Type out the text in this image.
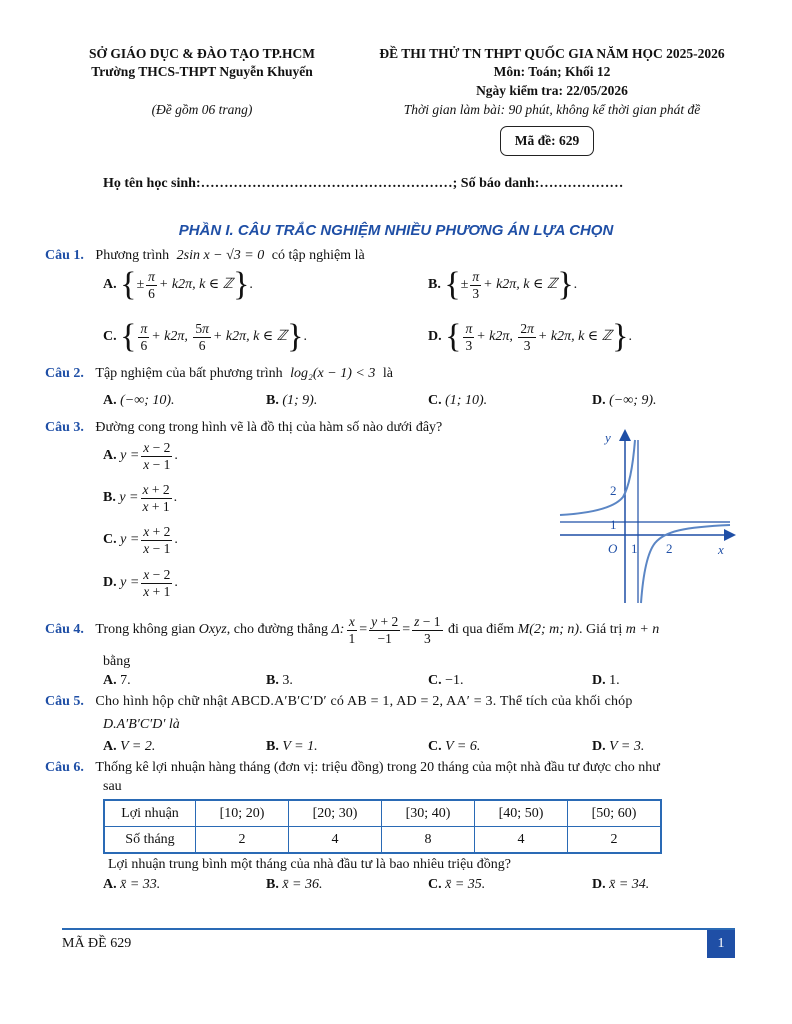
SỞ GIÁO DỤC & ĐÀO TẠO TP.HCM
Trường THCS-THPT Nguyễn Khuyến
(Đề gồm 06 trang)
ĐỀ THI THỬ TN THPT QUỐC GIA NĂM HỌC 2025-2026
Môn: Toán; Khối 12
Ngày kiểm tra: 22/05/2026
Thời gian làm bài: 90 phút, không kể thời gian phát đề
Mã đề: 629
Họ tên học sinh:………………………………………………; Số báo danh:………………
PHẦN I. CÂU TRẮC NGHIỆM NHIỀU PHƯƠNG ÁN LỰA CHỌN
Câu 1. Phương trình 2sin x − √3 = 0 có tập nghiệm là
A. {± $\frac{\pi}{6} + k2\pi$, k ∈ ℤ}.	B. {± $\frac{\pi}{3} + k2\pi$, k ∈ ℤ}.
C. { $\frac{\pi}{6} + k2\pi$, $\frac{5\pi}{6} + k2\pi$, k ∈ ℤ}.	D. { $\frac{\pi}{3} + k2\pi$, $\frac{2\pi}{3} + k2\pi$, k ∈ ℤ}.
Câu 2. Tập nghiệm của bất phương trình log₂(x − 1) < 3 là
A. (−∞; 10).	B. (1; 9).	C. (1; 10).	D. (−∞; 9).
Câu 3. Đường cong trong hình vẽ là đồ thị của hàm số nào dưới đây?
A. $y = \frac{x - 2}{x - 1}$ .
B. $y = \frac{x + 2}{x + 1}$ .
C. $y = \frac{x + 2}{x - 1}$ .
D. $y = \frac{x - 2}{x + 1}$ .
y
x
O 1 2
1
2
Câu 4. Trong không gian Oxyz, cho đường thẳng Δ: $\frac{x}{1} = \frac{y + 2}{-1} = \frac{z - 1}{3}$ đi qua điểm M(2; m; n). Giá trị m + n
bằng
A. 7.	B. 3.	C. −1.	D. 1.
Câu 5. Cho hình hộp chữ nhật ABCD.A′B′C′D′ có AB = 1, AD = 2, AA′ = 3. Thể tích của khối chóp
D.A′B′C′D′ là
A. V = 2.	B. V = 1.	C. V = 6.	D. V = 3.
Câu 6. Thống kê lợi nhuận hàng tháng (đơn vị: triệu đồng) trong 20 tháng của một nhà đầu tư được cho như
sau
Lợi nhuận	[10; 20)	[20; 30)	[30; 40)	[40; 50)	[50; 60)
Số tháng	2	4	8	4	2
Lợi nhuận trung bình một tháng của nhà đầu tư là bao nhiêu triệu đồng?
A. x̄ = 33.	B. x̄ = 36.	C. x̄ = 35.	D. x̄ = 34.
MÃ ĐỀ 629	1
